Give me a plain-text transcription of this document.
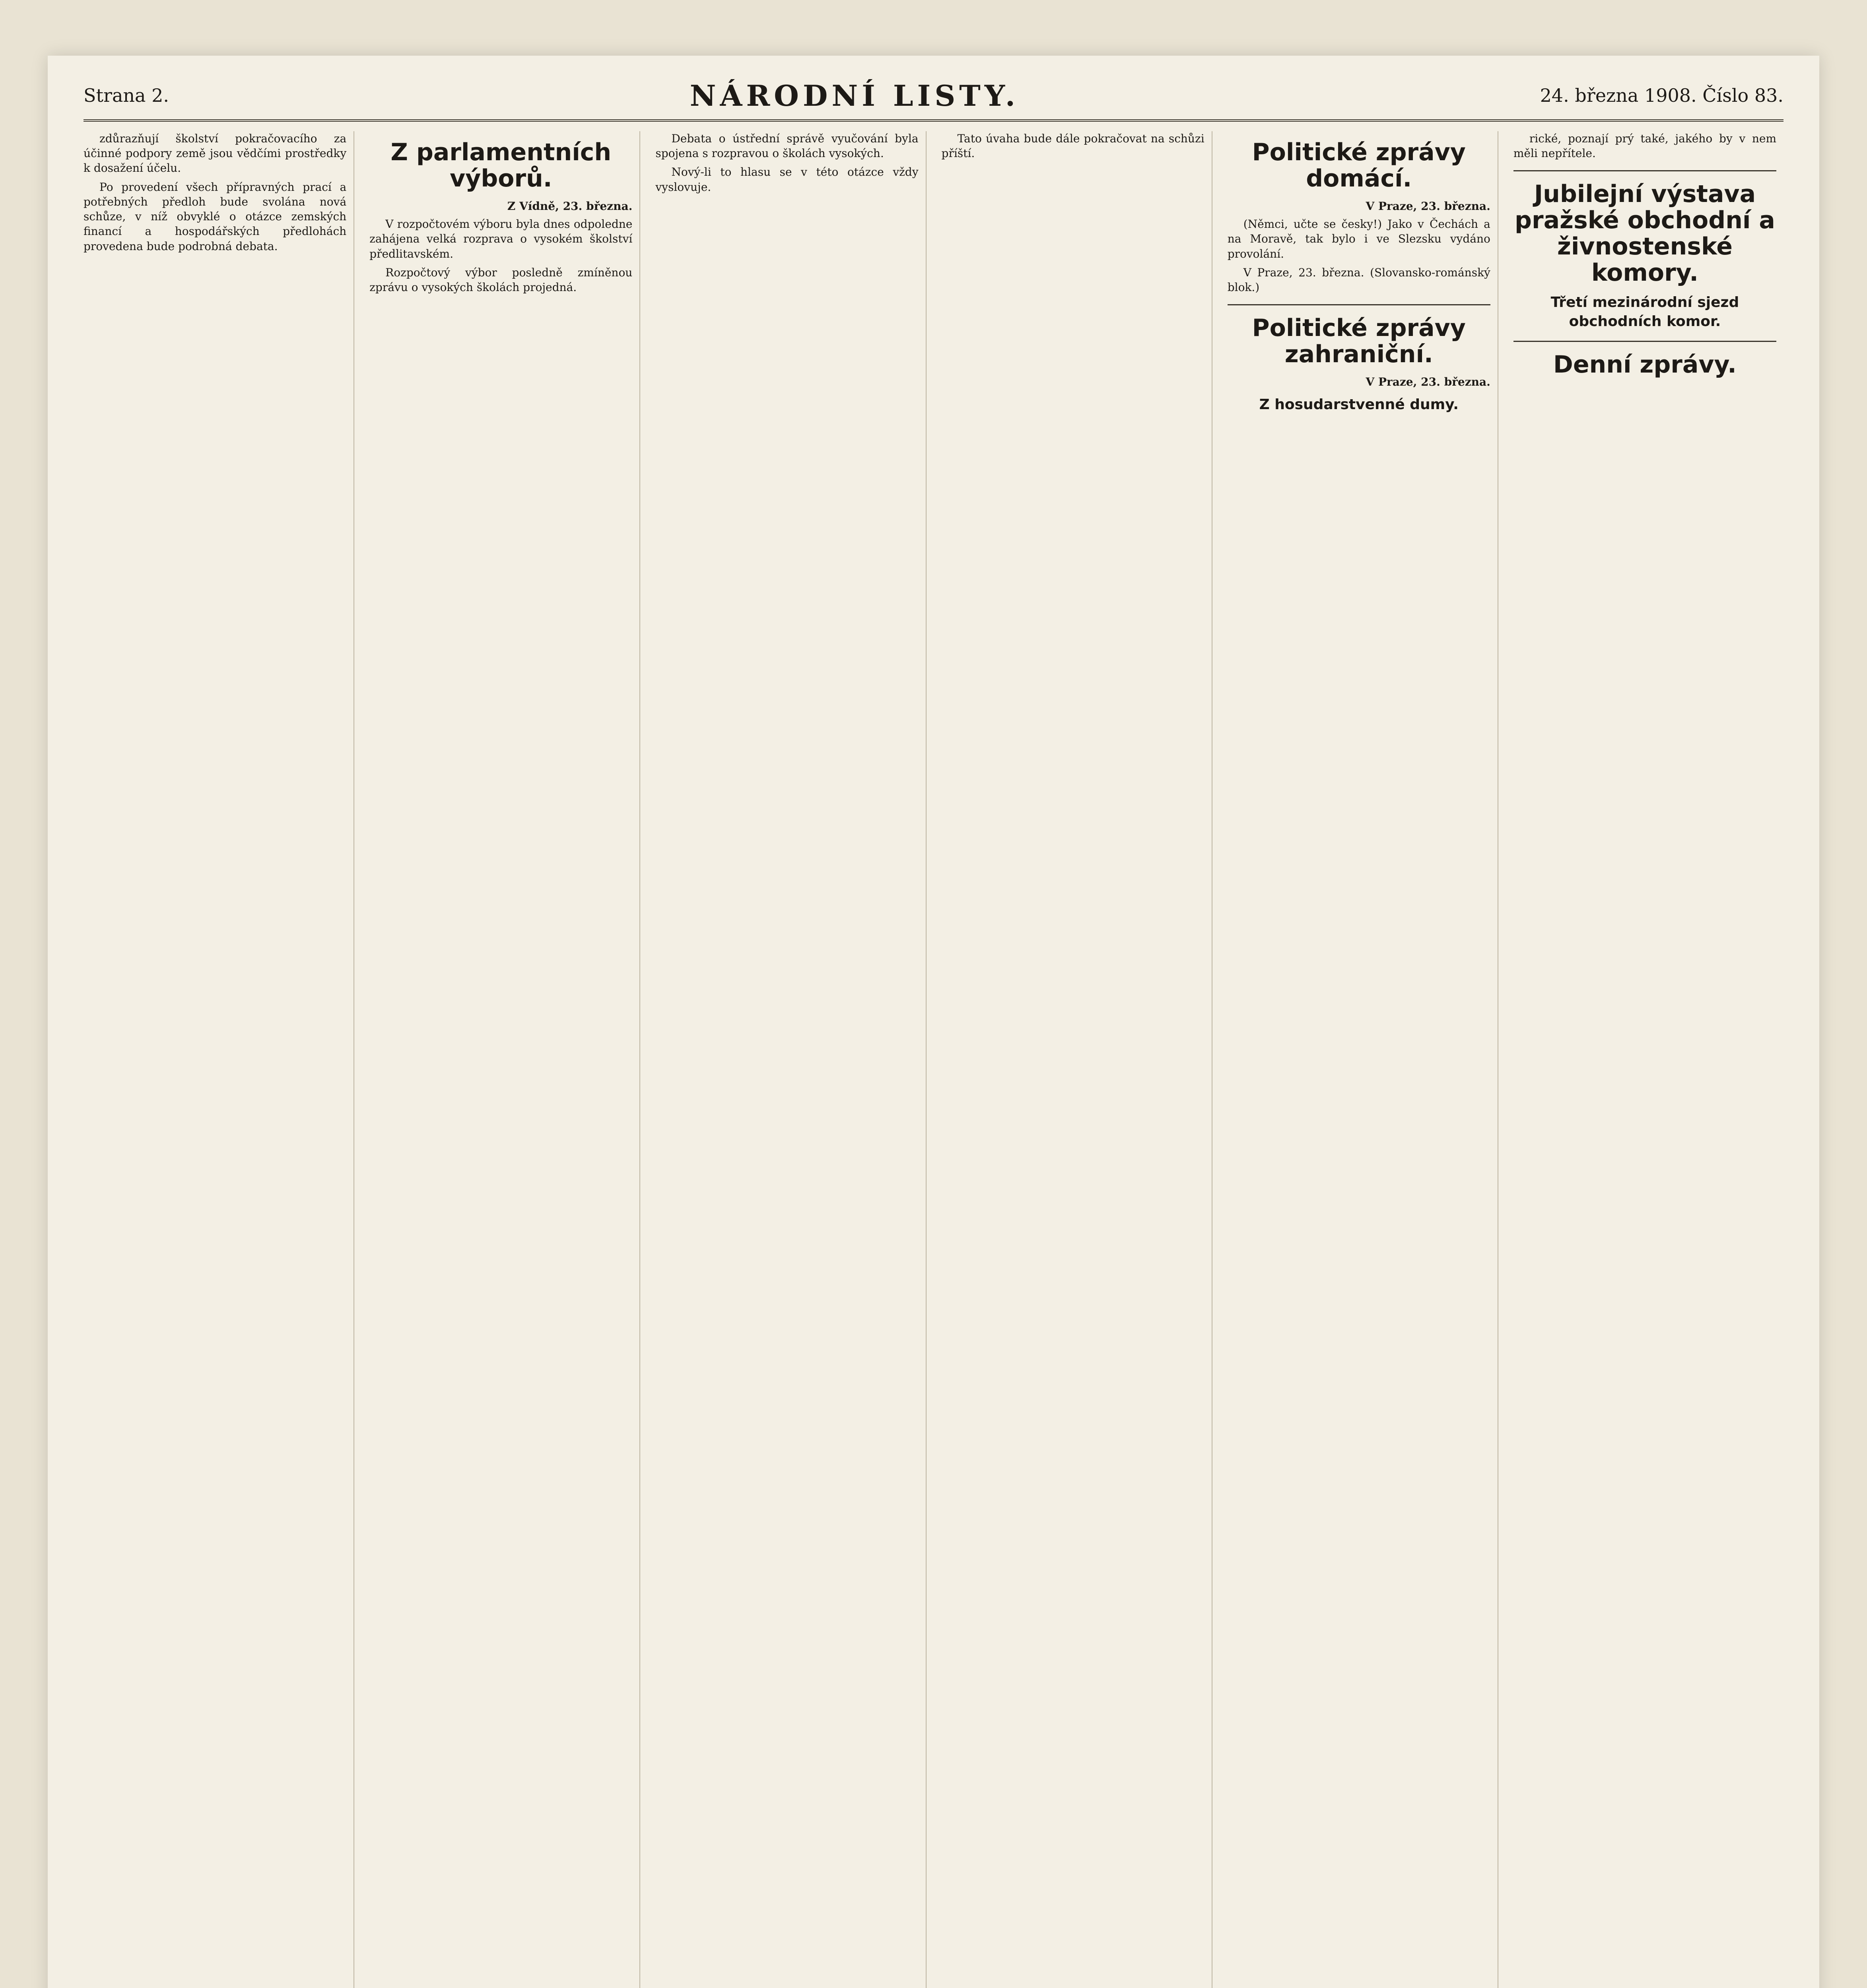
Strana 2.	NÁRODNÍ LISTY.	24. března 1908. Číslo 83.

zdůrazňují školství pokračovacího za účinné podpory země jsou vědčími prostředky k dosažení účelu.

Po provedení všech přípravných prací a potřebných předloh bude svolána nová schůze, v níž obvyklé o otázce zemských financí a hospodářských předlohách provedena bude podrobná debata.

Z parlamentních výborů.
Z Vídně, 23. března.

V rozpočtovém výboru byla dnes odpoledne zahájena velká rozprava o vysokém školství předlitavském.

Rozpočtový výbor posledně zmíněnou zprávu o vysokých školách projedná.

Debata o ústřední správě vyučování byla spojena s rozpravou o školách vysokých.

Nový-li to hlasu se v této otázce vždy vyslovuje.

Tato úvaha bude dále pokračovat na schůzi příští.	Politické zprávy domácí.
V Praze, 23. března.

(Němci, učte se česky!) Jako v Čechách a na Moravě, tak bylo i ve Slezsku vydáno provolání.

V Praze, 23. března. (Slovansko-románský blok.)

Politické zprávy zahraniční.
V Praze, 23. března.
Z hosudarstvenné dumy.

rické, poznají prý také, jakého by v nem měli nepřítele.

Jubilejní výstava pražské obchodní a živnostenské komory.
Třetí mezinárodní sjezd obchodních komor.
Denní zprávy.
